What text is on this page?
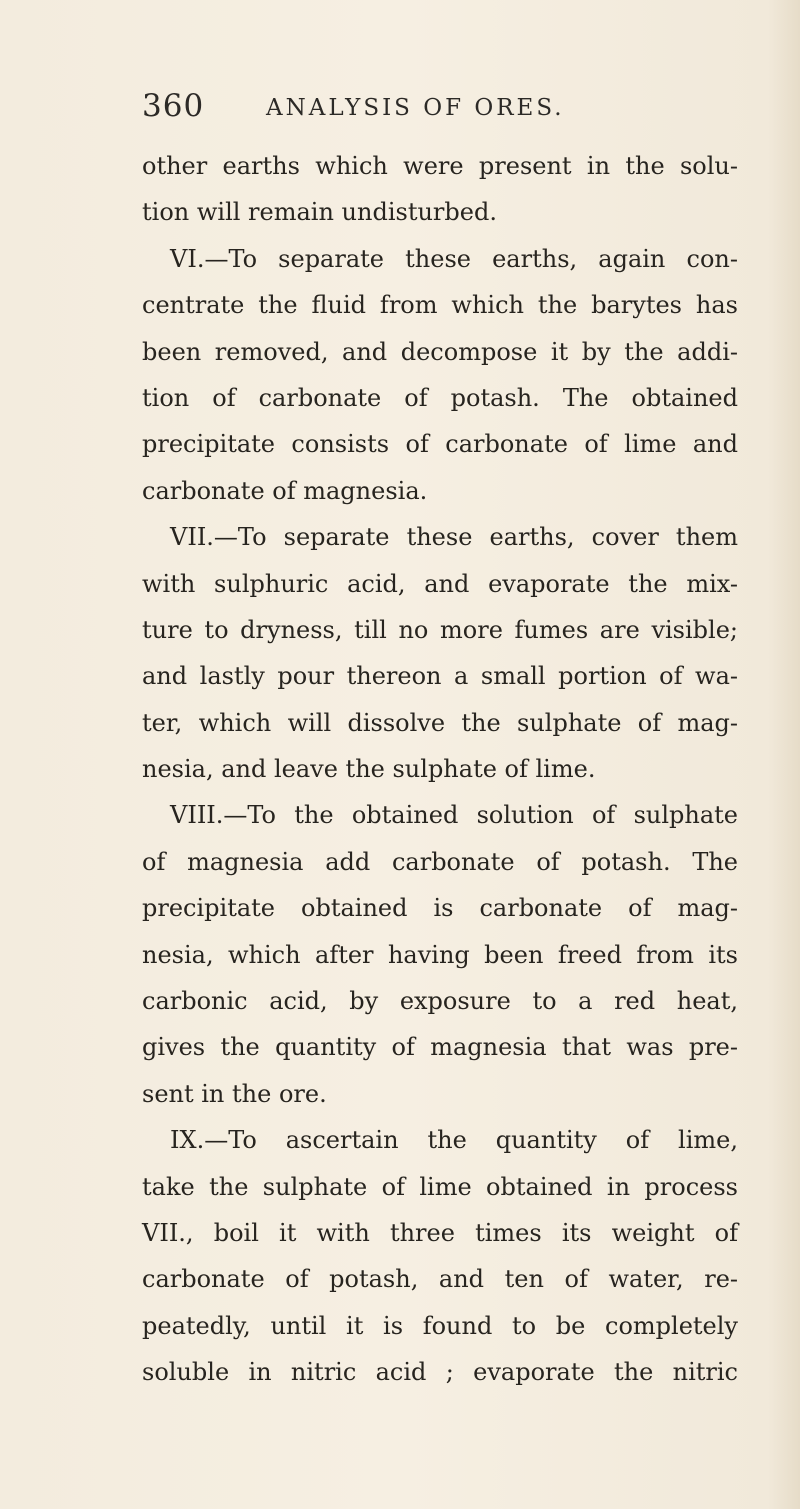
360	ANALYSIS OF ORES.
other earths which were present in the solu-
tion will remain undisturbed.
VI.—To separate these earths, again con-
centrate the fluid from which the barytes has
been removed, and decompose it by the addi-
tion of carbonate of potash. The obtained
precipitate consists of carbonate of lime and
carbonate of magnesia.
VII.—To separate these earths, cover them
with sulphuric acid, and evaporate the mix-
ture to dryness, till no more fumes are visible;
and lastly pour thereon a small portion of wa-
ter, which will dissolve the sulphate of mag-
nesia, and leave the sulphate of lime.
VIII.—To the obtained solution of sulphate
of magnesia add carbonate of potash. The
precipitate obtained is carbonate of mag-
nesia, which after having been freed from its
carbonic acid, by exposure to a red heat,
gives the quantity of magnesia that was pre-
sent in the ore.
IX.—To ascertain the quantity of lime,
take the sulphate of lime obtained in process
VII., boil it with three times its weight of
carbonate of potash, and ten of water, re-
peatedly, until it is found to be completely
soluble in nitric acid ; evaporate the nitric
